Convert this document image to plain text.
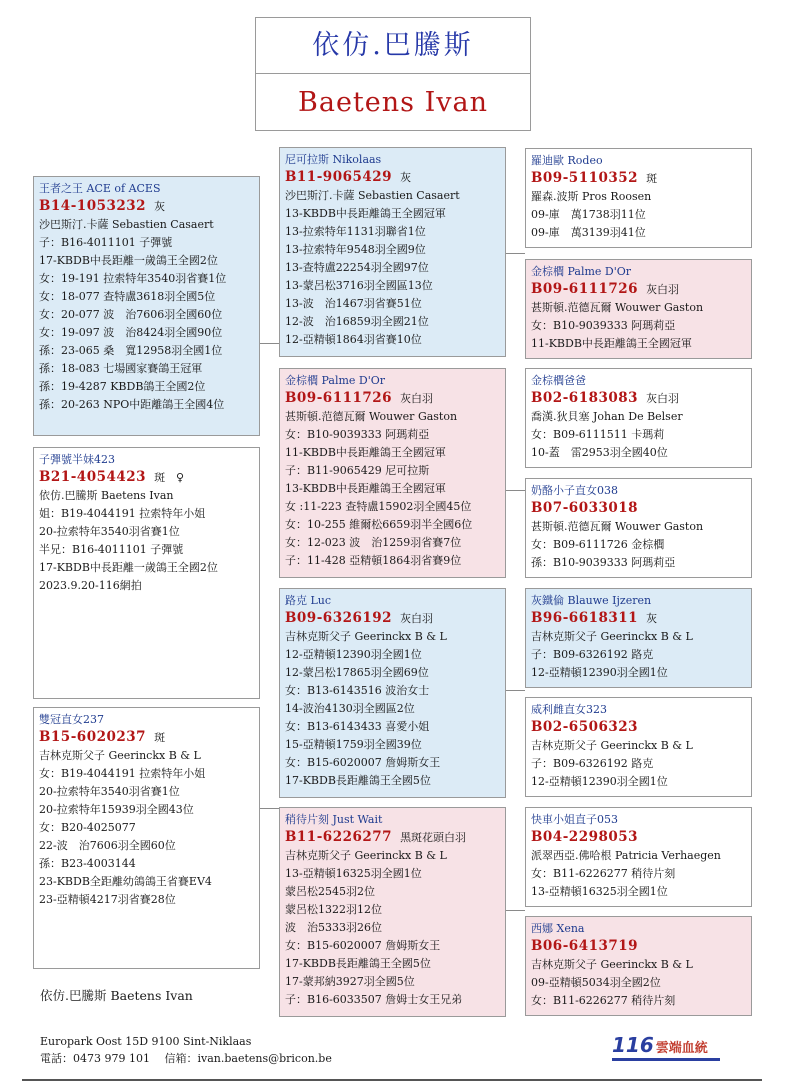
依仿.巴騰斯
Baetens Ivan
王者之王 ACE of ACES
B14-1053232 灰
沙巴斯汀.卡薩 Sebastien Casaert
子：B16-4011101 子彈號
17-KBDB中長距離一歲鴿王全國2位
女：19-191 拉索特年3540羽省賽1位
女：18-077 查特盧3618羽全國5位
女：20-077 波　治7606羽全國60位
女：19-097 波　治8424羽全國90位
孫：23-065 桑　寬12958羽全國1位
孫：18-083 七場國家賽鴿王冠軍
孫：19-4287 KBDB鴿王全國2位
孫：20-263 NPO中距離鴿王全國4位
子彈號半妹423
B21-4054423 斑　♀
依仿.巴騰斯 Baetens Ivan
姐：B19-4044191 拉索特年小姐
20-拉索特年3540羽省賽1位
半兄：B16-4011101 子彈號
17-KBDB中長距離一歲鴿王全國2位
2023.9.20-116網拍
雙冠直女237
B15-6020237 斑
吉林克斯父子 Geerinckx B & L
女：B19-4044191 拉索特年小姐
20-拉索特年3540羽省賽1位
20-拉索特年15939羽全國43位
女：B20-4025077
22-波　治7606羽全國60位
孫：B23-4003144
23-KBDB全距離幼鴿鴿王省賽EV4
23-亞精頓4217羽省賽28位
尼可拉斯 Nikolaas
B11-9065429 灰
沙巴斯汀.卡薩 Sebastien Casaert
13-KBDB中長距離鴿王全國冠軍
13-拉索特年1131羽聯省1位
13-拉索特年9548羽全國9位
13-查特盧22254羽全國97位
13-蒙呂松3716羽全國區13位
13-波　治1467羽省賽51位
12-波　治16859羽全國21位
12-亞精頓1864羽省賽10位
金棕櫚 Palme D'Or
B09-6111726 灰白羽
甚斯頓.范德瓦爾 Wouwer Gaston
女：B10-9039333 阿瑪莉亞
11-KBDB中長距離鴿王全國冠軍
子：B11-9065429 尼可拉斯
13-KBDB中長距離鴿王全國冠軍
女 :11-223 查特盧15902羽全國45位
女：10-255 維爾松6659羽半全國6位
女：12-023 波　治1259羽省賽7位
子：11-428 亞精頓1864羽省賽9位
路克 Luc
B09-6326192 灰白羽
吉林克斯父子 Geerinckx B & L
12-亞精頓12390羽全國1位
12-蒙呂松17865羽全國69位
女：B13-6143516 波治女士
14-波治4130羽全國區2位
女：B13-6143433 喜愛小姐
15-亞精頓1759羽全國39位
女：B15-6020007 詹姆斯女王
17-KBDB長距離鴿王全國5位
稍待片刻 Just Wait
B11-6226277 黑斑花頭白羽
吉林克斯父子 Geerinckx B & L
13-亞精頓16325羽全國1位
蒙呂松2545羽2位
蒙呂松1322羽12位
波　治5333羽26位
女：B15-6020007 詹姆斯女王
17-KBDB長距離鴿王全國5位
17-蒙邦納3927羽全國5位
子：B16-6033507 詹姆士女王兄弟
羅迪歐 Rodeo
B09-5110352 斑
羅森.波斯 Pros Roosen
09-庫　萬1738羽11位
09-庫　萬3139羽41位
金棕櫚 Palme D'Or
B09-6111726 灰白羽
甚斯頓.范德瓦爾 Wouwer Gaston
女：B10-9039333 阿瑪莉亞
11-KBDB中長距離鴿王全國冠軍
金棕櫚爸爸
B02-6183083 灰白羽
喬漢.狄貝塞 Johan De Belser
女：B09-6111511 卡瑪莉
10-蓋　雷2953羽全國40位
奶酪小子直女038
B07-6033018
甚斯頓.范德瓦爾 Wouwer Gaston
女：B09-6111726 金棕櫚
孫：B10-9039333 阿瑪莉亞
灰鐵倫 Blauwe Ijzeren
B96-6618311 灰
吉林克斯父子 Geerinckx B & L
子：B09-6326192 路克
12-亞精頓12390羽全國1位
威利雌直女323
B02-6506323
吉林克斯父子 Geerinckx B & L
子：B09-6326192 路克
12-亞精頓12390羽全國1位
快車小姐直子053
B04-2298053
派翠西亞.佛哈根 Patricia Verhaegen
女：B11-6226277 稍待片刻
13-亞精頓16325羽全國1位
西娜 Xena
B06-6413719
吉林克斯父子 Geerinckx B & L
09-亞精頓5034羽全國2位
女：B11-6226277 稍待片刻
依仿.巴騰斯 Baetens Ivan
Europark Oost 15D 9100 Sint-Niklaas
電話：0473 979 101　 信箱：ivan.baetens@bricon.be
116 雲端血統
